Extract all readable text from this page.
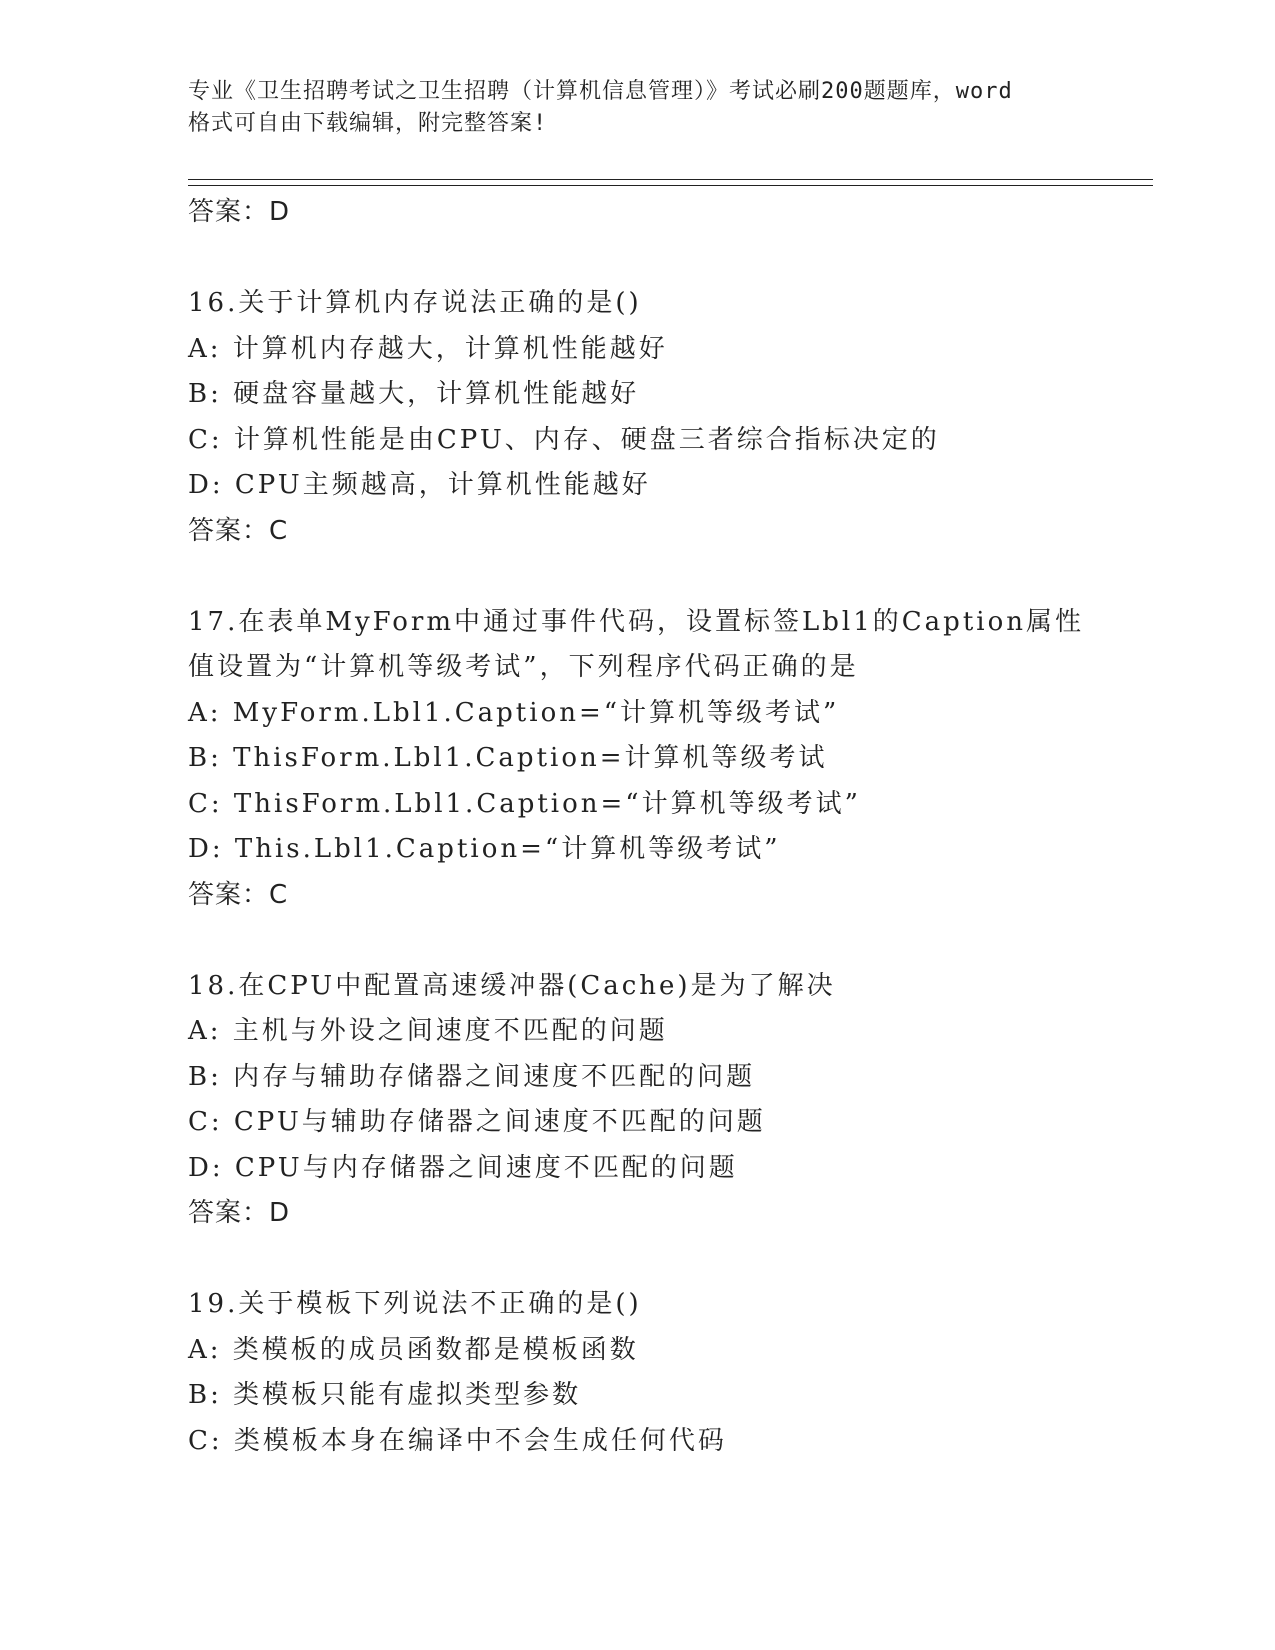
专业《卫生招聘考试之卫生招聘（计算机信息管理）》考试必刷200题题库，word
格式可自由下载编辑，附完整答案!
答案：D
16.关于计算机内存说法正确的是()
A: 计算机内存越大，计算机性能越好
B: 硬盘容量越大，计算机性能越好
C: 计算机性能是由CPU、内存、硬盘三者综合指标决定的
D: CPU主频越高，计算机性能越好
答案：C
17.在表单MyForm中通过事件代码，设置标签Lbl1的Caption属性值设置为“计算机等级考试”，下列程序代码正确的是
A: MyForm.Lbl1.Caption=“计算机等级考试”
B: ThisForm.Lbl1.Caption=计算机等级考试
C: ThisForm.Lbl1.Caption=“计算机等级考试”
D: This.Lbl1.Caption=“计算机等级考试”
答案：C
18.在CPU中配置高速缓冲器(Cache)是为了解决
A: 主机与外设之间速度不匹配的问题
B: 内存与辅助存储器之间速度不匹配的问题
C: CPU与辅助存储器之间速度不匹配的问题
D: CPU与内存储器之间速度不匹配的问题
答案：D
19.关于模板下列说法不正确的是()
A: 类模板的成员函数都是模板函数
B: 类模板只能有虚拟类型参数
C: 类模板本身在编译中不会生成任何代码
